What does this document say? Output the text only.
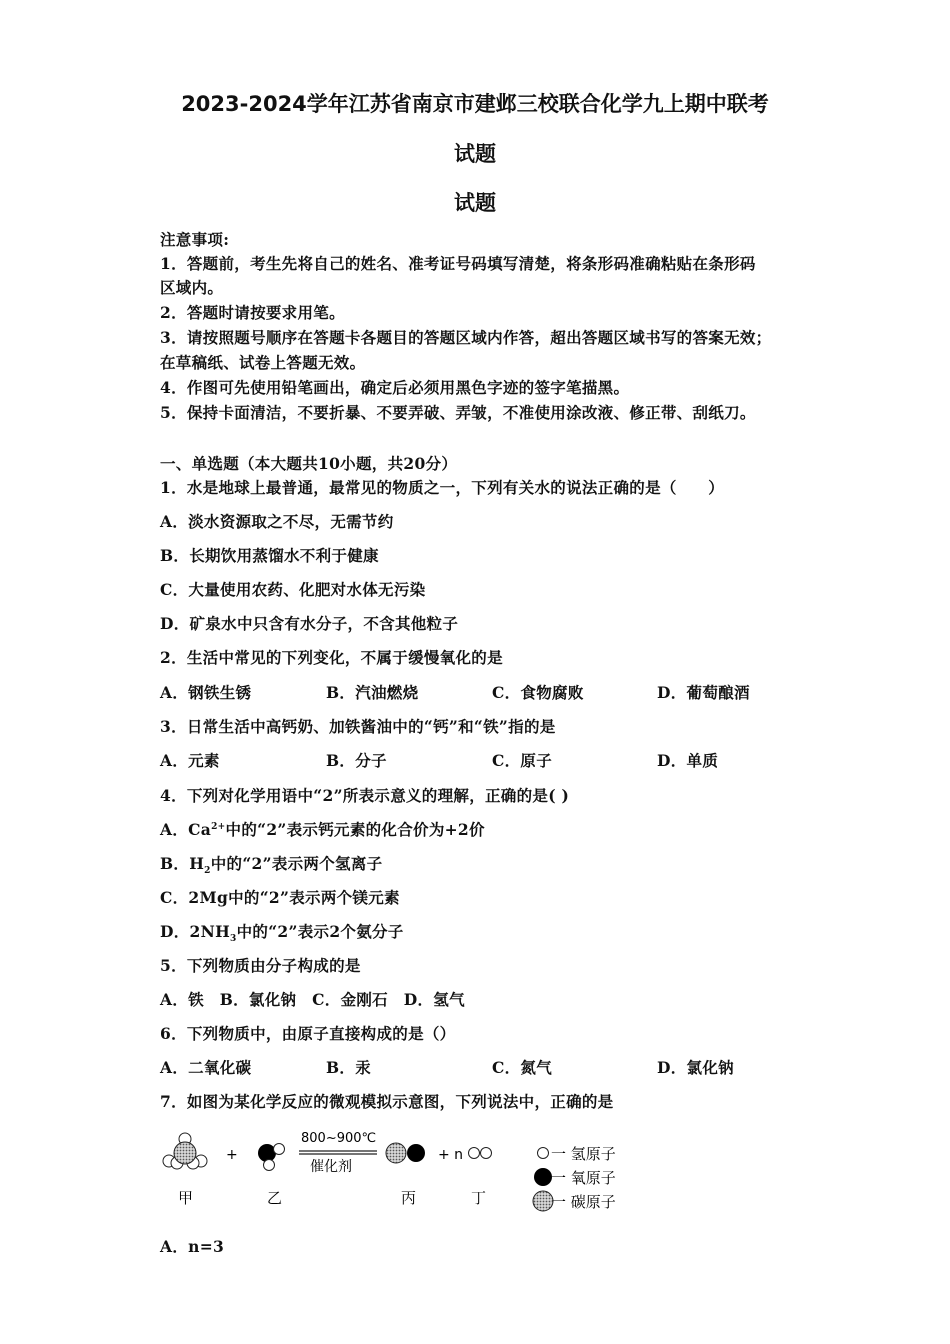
2023-2024学年江苏省南京市建邺三校联合化学九上期中联考
试题
试题
注意事项:
1．答题前，考生先将自己的姓名、准考证号码填写清楚，将条形码准确粘贴在条形码
区域内。
2．答题时请按要求用笔。
3．请按照题号顺序在答题卡各题目的答题区域内作答，超出答题区域书写的答案无效；
在草稿纸、试卷上答题无效。
4．作图可先使用铅笔画出，确定后必须用黑色字迹的签字笔描黑。
5．保持卡面清洁，不要折暴、不要弄破、弄皱，不准使用涂改液、修正带、刮纸刀。
一、单选题（本大题共10小题，共20分）
1．水是地球上最普通，最常见的物质之一，下列有关水的说法正确的是（　　）
A．淡水资源取之不尽，无需节约
B．长期饮用蒸馏水不利于健康
C．大量使用农药、化肥对水体无污染
D．矿泉水中只含有水分子，不含其他粒子
2．生活中常见的下列变化，不属于缓慢氧化的是
A．钢铁生锈	B．汽油燃烧	C．食物腐败	D．葡萄酿酒
3．日常生活中高钙奶、加铁酱油中的“钙”和“铁”指的是
A．元素	B．分子	C．原子	D．单质
4．下列对化学用语中“2”所表示意义的理解，正确的是( )
A．$Ca^{2+}$中的“2”表示钙元素的化合价为+2价
B．$H_2$中的“2”表示两个氢离子
C．2Mg中的“2”表示两个镁元素
D．$2NH_3$中的“2”表示2个氨分子
5．下列物质由分子构成的是
A．铁　B．氯化钠　C．金刚石　D．氢气
6．下列物质中，由原子直接构成的是（）
A．二氧化碳	B．汞	C．氮气	D．氯化钠
7．如图为某化学反应的微观模拟示意图，下列说法中，正确的是
+
800~900℃
催化剂
+ n
甲	乙	丙	丁
一 氢原子
一 氧原子
一 碳原子
A．n=3
